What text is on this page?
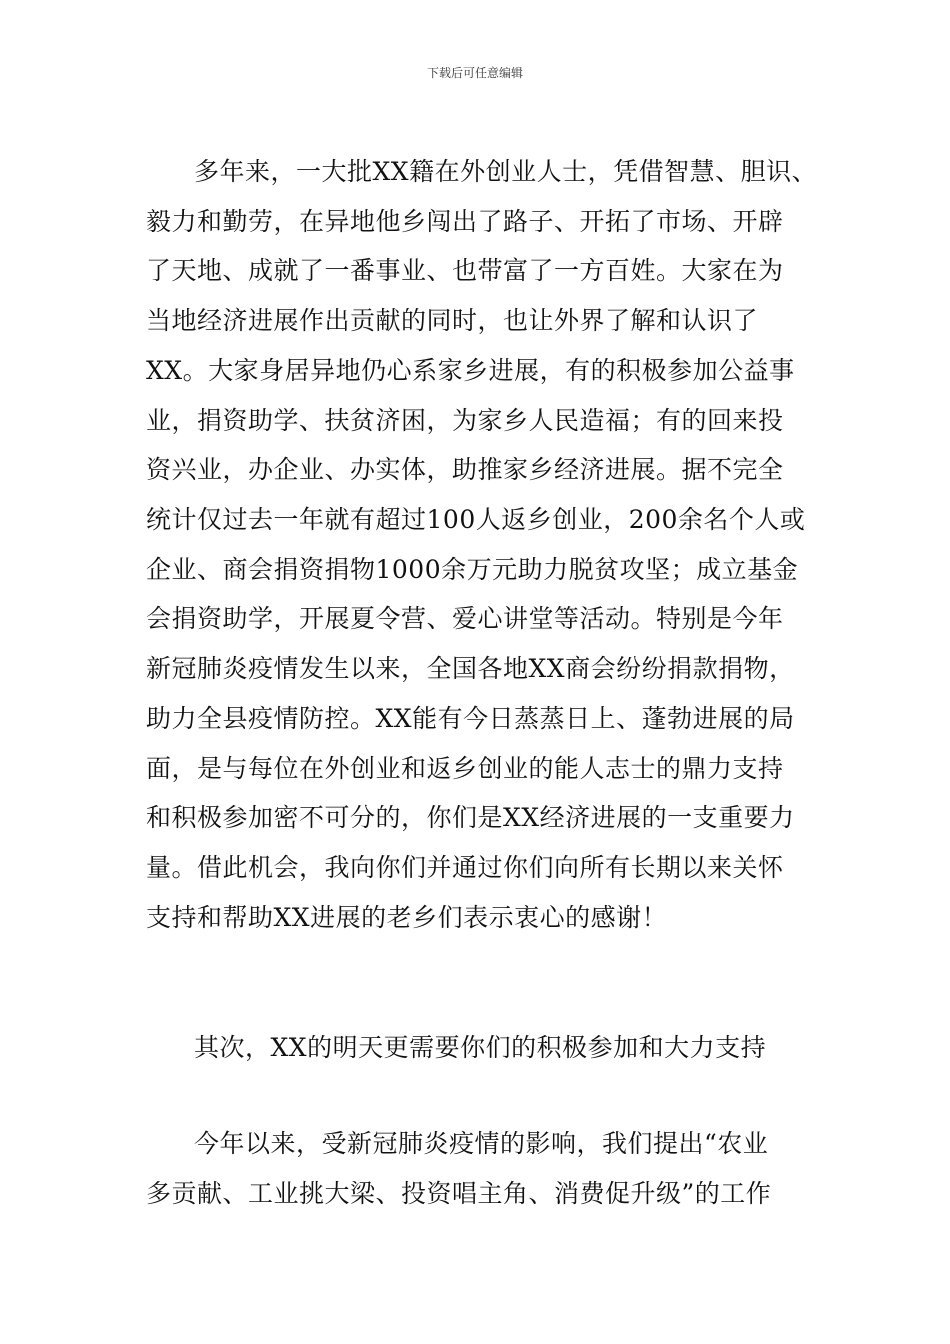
下载后可任意编辑
多年来，一大批XX籍在外创业人士，凭借智慧、胆识、
毅力和勤劳，在异地他乡闯出了路子、开拓了市场、开辟
了天地、成就了一番事业、也带富了一方百姓。大家在为
当地经济进展作出贡献的同时，也让外界了解和认识了
XX。大家身居异地仍心系家乡进展，有的积极参加公益事
业，捐资助学、扶贫济困，为家乡人民造福；有的回来投
资兴业，办企业、办实体，助推家乡经济进展。据不完全
统计仅过去一年就有超过100人返乡创业，200余名个人或
企业、商会捐资捐物1000余万元助力脱贫攻坚；成立基金
会捐资助学，开展夏令营、爱心讲堂等活动。特别是今年
新冠肺炎疫情发生以来，全国各地XX商会纷纷捐款捐物，
助力全县疫情防控。XX能有今日蒸蒸日上、蓬勃进展的局
面，是与每位在外创业和返乡创业的能人志士的鼎力支持
和积极参加密不可分的，你们是XX经济进展的一支重要力
量。借此机会，我向你们并通过你们向所有长期以来关怀
支持和帮助XX进展的老乡们表示衷心的感谢！
其次，XX的明天更需要你们的积极参加和大力支持
今年以来，受新冠肺炎疫情的影响，我们提出“农业
多贡献、工业挑大梁、投资唱主角、消费促升级”的工作
